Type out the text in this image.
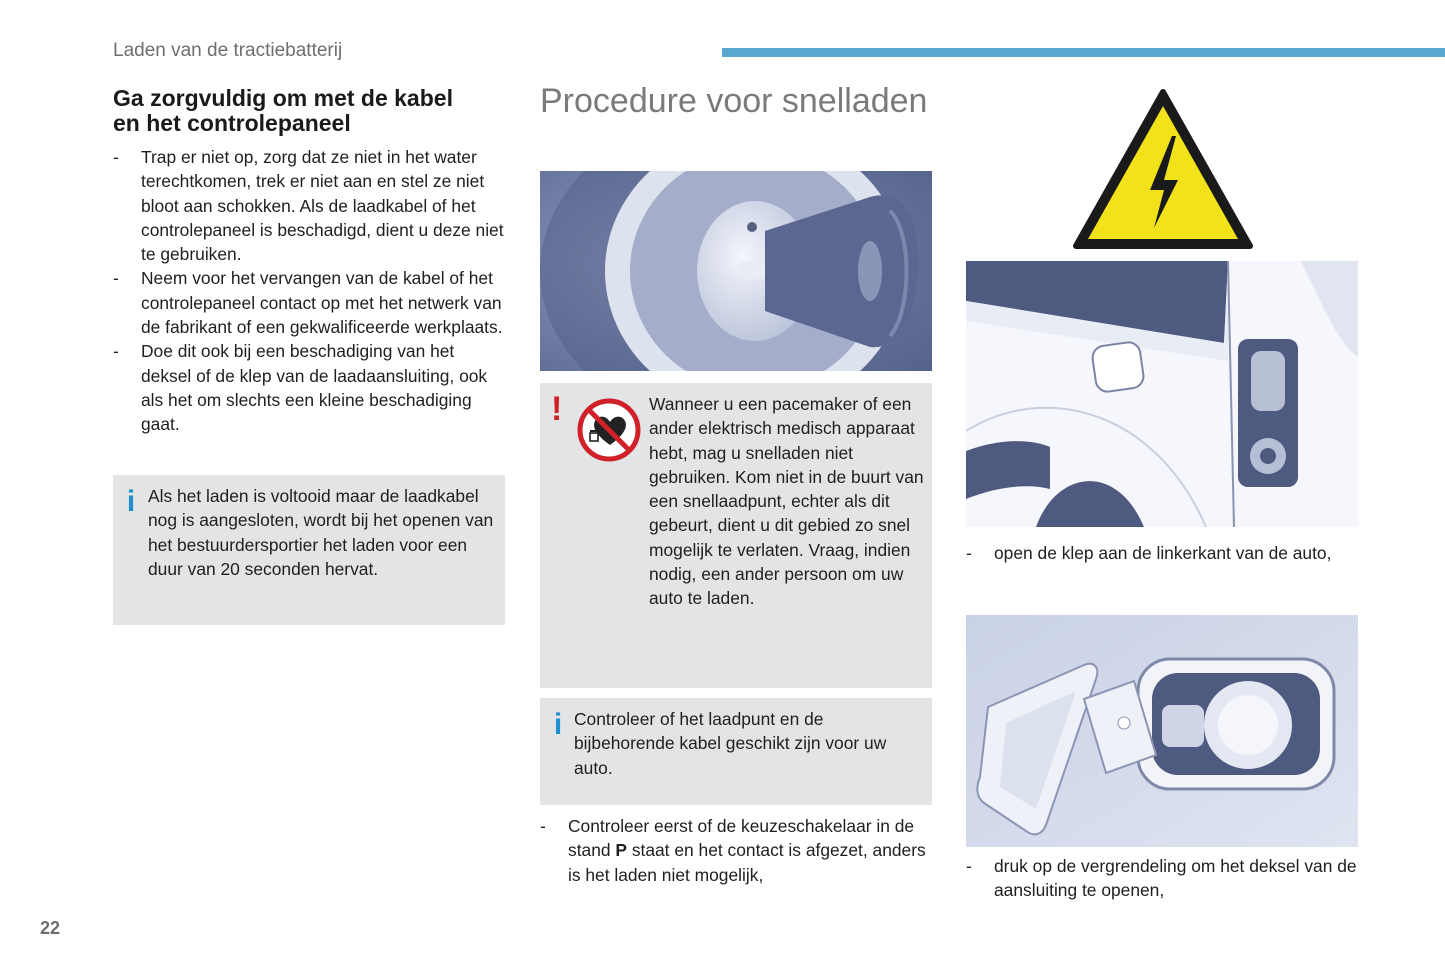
Laden van de tractiebatterij
Ga zorgvuldig om met de kabel
en het controlepaneel
- Trap er niet op, zorg dat ze niet in het water terechtkomen, trek er niet aan en stel ze niet bloot aan schokken. Als de laadkabel of het controlepaneel is beschadigd, dient u deze niet te gebruiken.
- Neem voor het vervangen van de kabel of het controlepaneel contact op met het netwerk van de fabrikant of een gekwalificeerde werkplaats.
- Doe dit ook bij een beschadiging van het deksel of de klep van de laadaansluiting, ook als het om slechts een kleine beschadiging gaat.
i Als het laden is voltooid maar de laadkabel nog is aangesloten, wordt bij het openen van het bestuurdersportier het laden voor een duur van 20 seconden hervat.
Procedure voor snelladen
!	Wanneer u een pacemaker of een ander elektrisch medisch apparaat hebt, mag u snelladen niet gebruiken. Kom niet in de buurt van een snellaadpunt, echter als dit gebeurt, dient u dit gebied zo snel mogelijk te verlaten. Vraag, indien nodig, een ander persoon om uw auto te laden.
i Controleer of het laadpunt en de bijbehorende kabel geschikt zijn voor uw auto.
- Controleer eerst of de keuzeschakelaar in de stand P staat en het contact is afgezet, anders is het laden niet mogelijk,
- open de klep aan de linkerkant van de auto,
- druk op de vergrendeling om het deksel van de aansluiting te openen,
22
